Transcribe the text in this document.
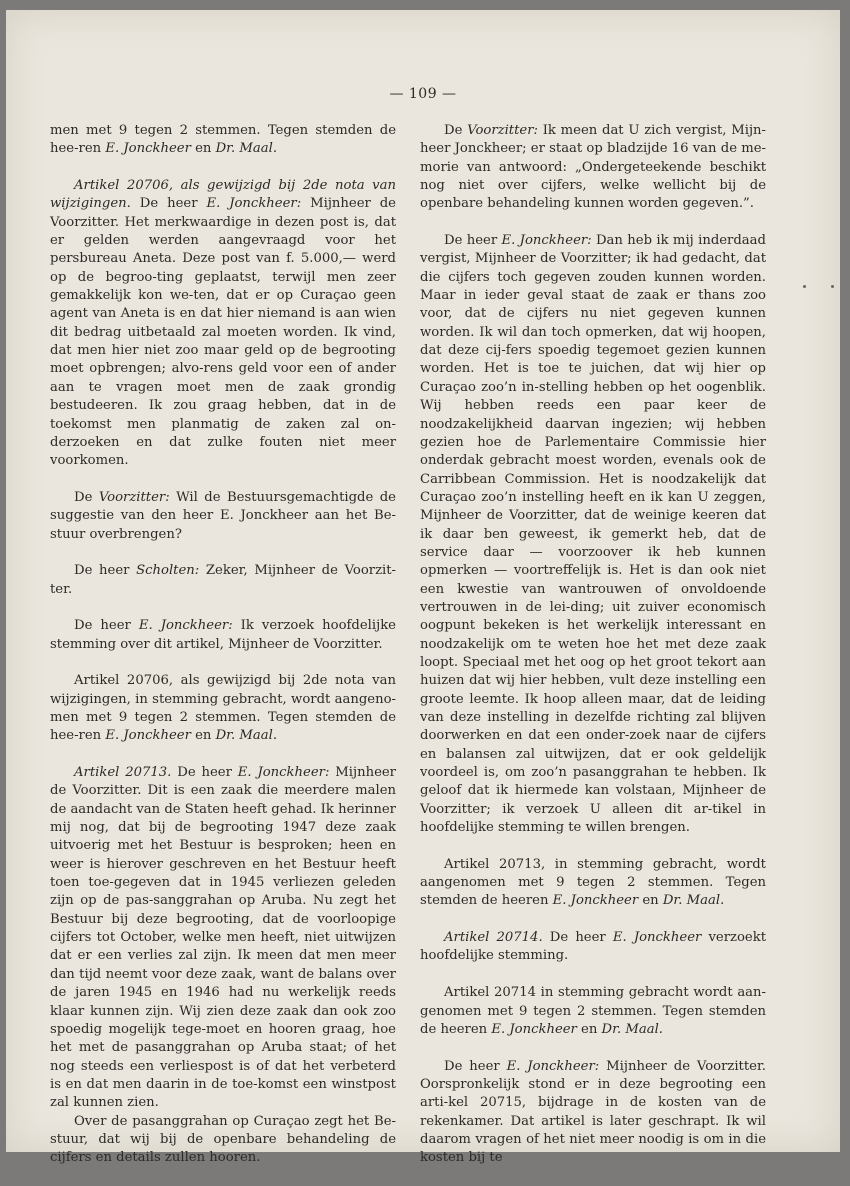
— 109 —

men met 9 tegen 2 stemmen. Tegen stemden de hee-ren E. Jonckheer en Dr. Maal.

Artikel 20706, als gewijzigd bij 2de nota van wijzigingen. De heer E. Jonckheer: Mijnheer de Voorzitter. Het merkwaardige in dezen post is, dat er gelden werden aangevraagd voor het persbureau Aneta. Deze post van f. 5.000,— werd op de begroo-ting geplaatst, terwijl men zeer gemakkelijk kon we-ten, dat er op Curaçao geen agent van Aneta is en dat hier niemand is aan wien dit bedrag uitbetaald zal moeten worden. Ik vind, dat men hier niet zoo maar geld op de begrooting moet opbrengen; alvo-rens geld voor een of ander aan te vragen moet men de zaak grondig bestudeeren. Ik zou graag hebben, dat in de toekomst men planmatig de zaken zal on-derzoeken en dat zulke fouten niet meer voorkomen.

De Voorzitter: Wil de Bestuursgemachtigde de suggestie van den heer E. Jonckheer aan het Be-stuur overbrengen?

De heer Scholten: Zeker, Mijnheer de Voorzit-ter.

De heer E. Jonckheer: Ik verzoek hoofdelijke stemming over dit artikel, Mijnheer de Voorzitter.

Artikel 20706, als gewijzigd bij 2de nota van wijzigingen, in stemming gebracht, wordt aangeno-men met 9 tegen 2 stemmen. Tegen stemden de hee-ren E. Jonckheer en Dr. Maal.

Artikel 20713. De heer E. Jonckheer: Mijnheer de Voorzitter. Dit is een zaak die meerdere malen de aandacht van de Staten heeft gehad. Ik herinner mij nog, dat bij de begrooting 1947 deze zaak uitvoerig met het Bestuur is besproken; heen en weer is hierover geschreven en het Bestuur heeft toen toe-gegeven dat in 1945 verliezen geleden zijn op de pas-sanggrahan op Aruba. Nu zegt het Bestuur bij deze begrooting, dat de voorloopige cijfers tot October, welke men heeft, niet uitwijzen dat er een verlies zal zijn. Ik meen dat men meer dan tijd neemt voor deze zaak, want de balans over de jaren 1945 en 1946 had nu werkelijk reeds klaar kunnen zijn. Wij zien deze zaak dan ook zoo spoedig mogelijk tege-moet en hooren graag, hoe het met de pasanggrahan op Aruba staat; of het nog steeds een verliespost is of dat het verbeterd is en dat men daarin in de toe-komst een winstpost zal kunnen zien.

Over de pasanggrahan op Curaçao zegt het Be-stuur, dat wij bij de openbare behandeling de cijfers en details zullen hooren.

De Voorzitter: Ik meen dat U zich vergist, Mijn-heer Jonckheer; er staat op bladzijde 16 van de me-morie van antwoord: „Ondergeteekende beschikt nog niet over cijfers, welke wellicht bij de openbare behandeling kunnen worden gegeven.”.

De heer E. Jonckheer: Dan heb ik mij inderdaad vergist, Mijnheer de Voorzitter; ik had gedacht, dat die cijfers toch gegeven zouden kunnen worden. Maar in ieder geval staat de zaak er thans zoo voor, dat de cijfers nu niet gegeven kunnen worden. Ik wil dan toch opmerken, dat wij hoopen, dat deze cij-fers spoedig tegemoet gezien kunnen worden. Het is toe te juichen, dat wij hier op Curaçao zoo’n in-stelling hebben op het oogenblik. Wij hebben reeds een paar keer de noodzakelijkheid daarvan ingezien; wij hebben gezien hoe de Parlementaire Commissie hier onderdak gebracht moest worden, evenals ook de Carribbean Commission. Het is noodzakelijk dat Curaçao zoo’n instelling heeft en ik kan U zeggen, Mijnheer de Voorzitter, dat de weinige keeren dat ik daar ben geweest, ik gemerkt heb, dat de service daar — voorzoover ik heb kunnen opmerken — voortreffelijk is. Het is dan ook niet een kwestie van wantrouwen of onvoldoende vertrouwen in de lei-ding; uit zuiver economisch oogpunt bekeken is het werkelijk interessant en noodzakelijk om te weten hoe het met deze zaak loopt. Speciaal met het oog op het groot tekort aan huizen dat wij hier hebben, vult deze instelling een groote leemte. Ik hoop alleen maar, dat de leiding van deze instelling in dezelfde richting zal blijven doorwerken en dat een onder-zoek naar de cijfers en balansen zal uitwijzen, dat er ook geldelijk voordeel is, om zoo’n pasanggrahan te hebben. Ik geloof dat ik hiermede kan volstaan, Mijnheer de Voorzitter; ik verzoek U alleen dit ar-tikel in hoofdelijke stemming te willen brengen.

Artikel 20713, in stemming gebracht, wordt aangenomen met 9 tegen 2 stemmen. Tegen stemden de heeren E. Jonckheer en Dr. Maal.

Artikel 20714. De heer E. Jonckheer verzoekt hoofdelijke stemming.

Artikel 20714 in stemming gebracht wordt aan-genomen met 9 tegen 2 stemmen. Tegen stemden de heeren E. Jonckheer en Dr. Maal.

De heer E. Jonckheer: Mijnheer de Voorzitter. Oorspronkelijk stond er in deze begrooting een arti-kel 20715, bijdrage in de kosten van de rekenkamer. Dat artikel is later geschrapt. Ik wil daarom vragen of het niet meer noodig is om in die kosten bij te
